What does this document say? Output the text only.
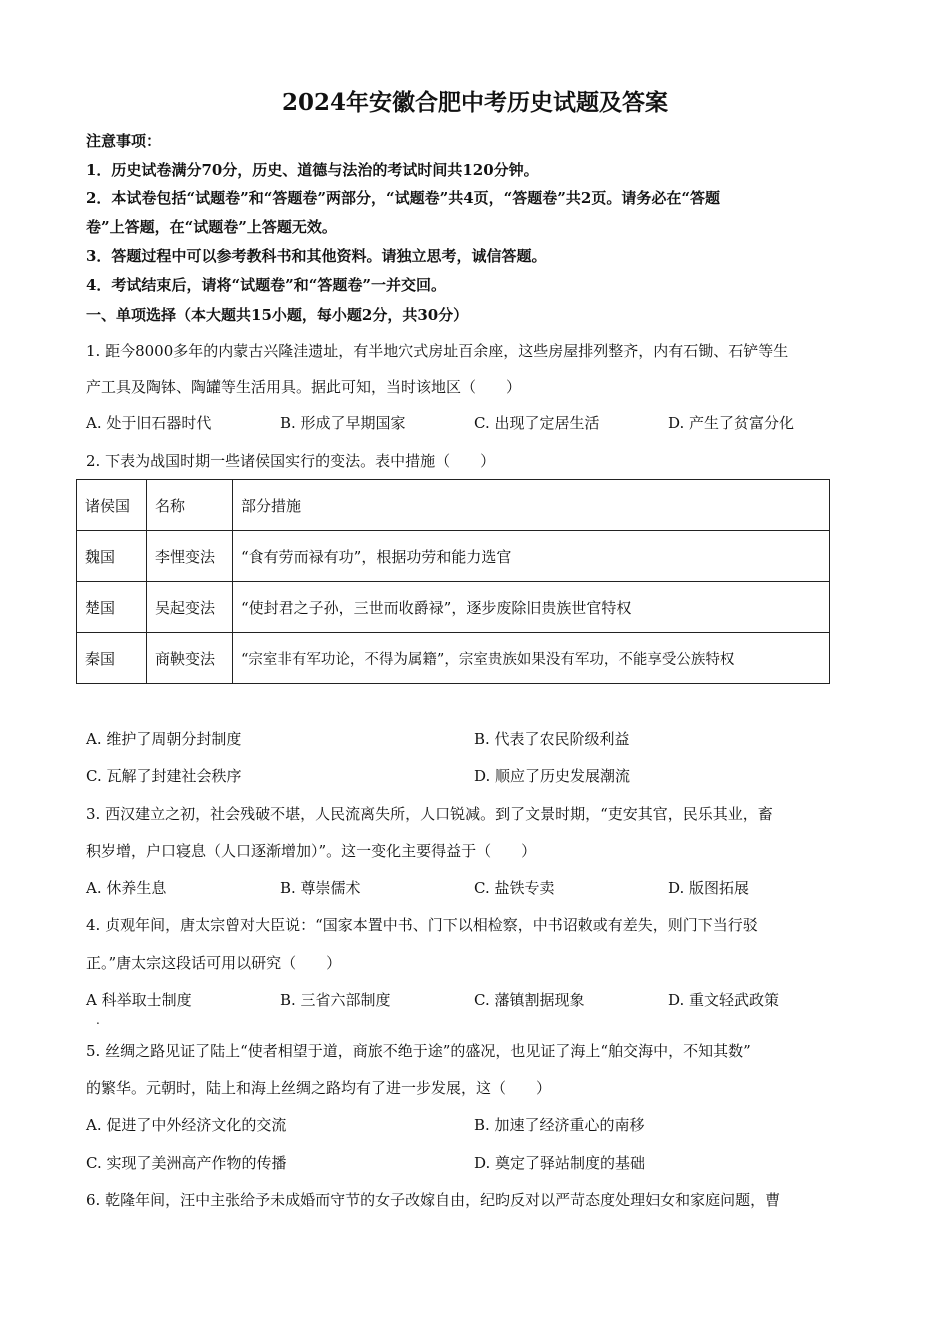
2024年安徽合肥中考历史试题及答案
注意事项：
1．历史试卷满分70分，历史、道德与法治的考试时间共120分钟。
2．本试卷包括“试题卷”和“答题卷”两部分，“试题卷”共4页，“答题卷”共2页。请务必在“答题
卷”上答题，在“试题卷”上答题无效。
3．答题过程中可以参考教科书和其他资料。请独立思考，诚信答题。
4．考试结束后，请将“试题卷”和“答题卷”一并交回。
一、单项选择（本大题共15小题，每小题2分，共30分）
1. 距今8000多年的内蒙古兴隆洼遗址，有半地穴式房址百余座，这些房屋排列整齐，内有石锄、石铲等生
产工具及陶钵、陶罐等生活用具。据此可知，当时该地区（　　）
A. 处于旧石器时代	B. 形成了早期国家	C. 出现了定居生活	D. 产生了贫富分化
2. 下表为战国时期一些诸侯国实行的变法。表中措施（　　）
诸侯国	名称	部分措施
魏国	李悝变法	“食有劳而禄有功”，根据功劳和能力选官
楚国	吴起变法	“使封君之子孙，三世而收爵禄”，逐步废除旧贵族世官特权
秦国	商鞅变法	“宗室非有军功论，不得为属籍”，宗室贵族如果没有军功，不能享受公族特权
A. 维护了周朝分封制度	B. 代表了农民阶级利益
C. 瓦解了封建社会秩序	D. 顺应了历史发展潮流
3. 西汉建立之初，社会残破不堪，人民流离失所，人口锐减。到了文景时期，“吏安其官，民乐其业，畜
积岁增，户口寝息（人口逐渐增加）”。这一变化主要得益于（　　）
A. 休养生息	B. 尊崇儒术	C. 盐铁专卖	D. 版图拓展
4. 贞观年间，唐太宗曾对大臣说：“国家本置中书、门下以相检察，中书诏敕或有差失，则门下当行驳
正。”唐太宗这段话可用以研究（　　）
A 科举取士制度	B. 三省六部制度	C. 藩镇割据现象	D. 重文轻武政策
.
5. 丝绸之路见证了陆上“使者相望于道，商旅不绝于途”的盛况，也见证了海上“舶交海中，不知其数”
的繁华。元朝时，陆上和海上丝绸之路均有了进一步发展，这（　　）
A. 促进了中外经济文化的交流	B. 加速了经济重心的南移
C. 实现了美洲高产作物的传播	D. 奠定了驿站制度的基础
6. 乾隆年间，汪中主张给予未成婚而守节的女子改嫁自由，纪昀反对以严苛态度处理妇女和家庭问题，曹
